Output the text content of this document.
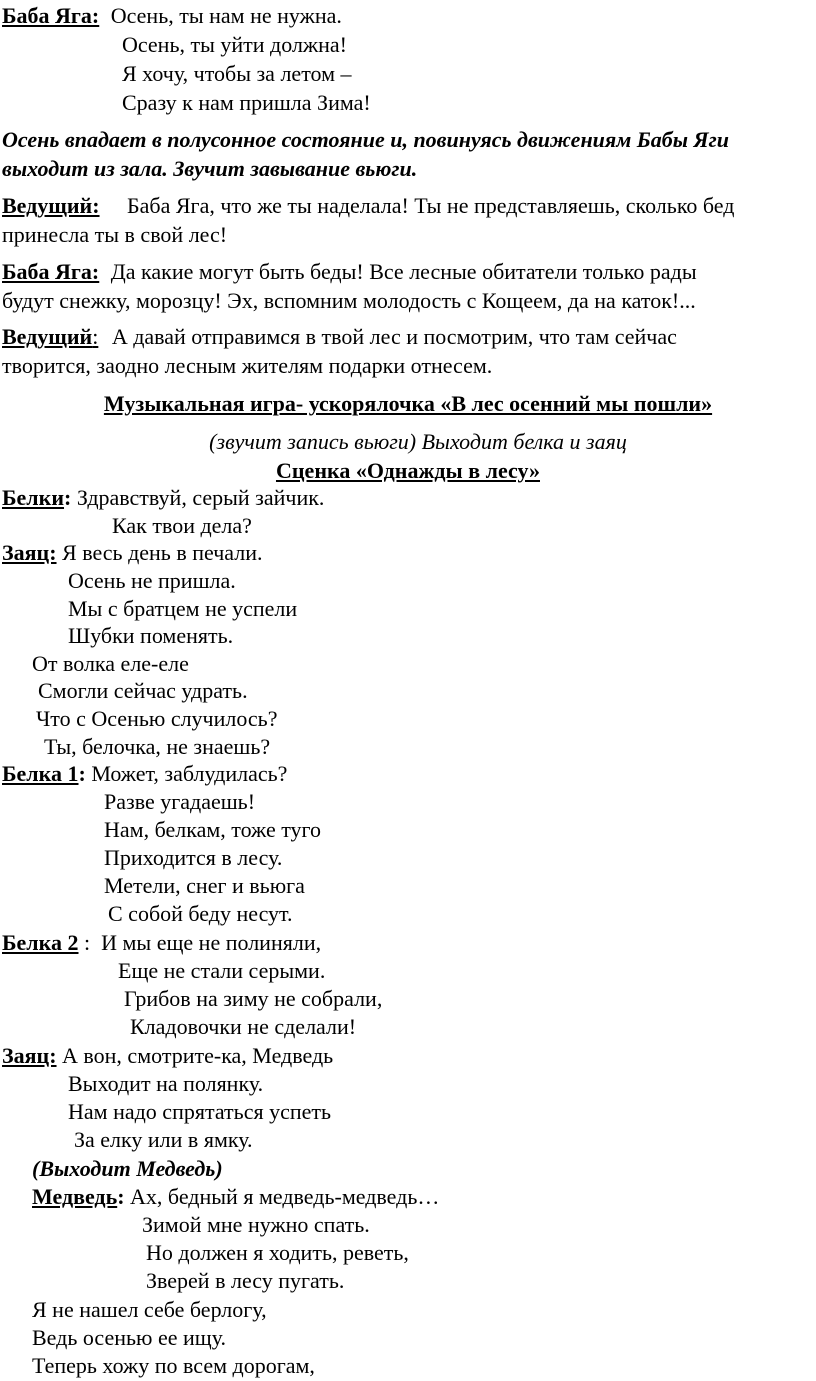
Баба Яга: Осень, ты нам не нужна.
Осень, ты уйти должна!
Я хочу, чтобы за летом –
Сразу к нам пришла Зима!
Осень впадает в полусонное состояние и, повинуясь движениям Бабы Яги
выходит из зала. Звучит завывание вьюги.
Ведущий: Баба Яга, что же ты наделала! Ты не представляешь, сколько бед
принесла ты в свой лес!
Баба Яга: Да какие могут быть беды! Все лесные обитатели только рады
будут снежку, морозцу! Эх, вспомним молодость с Кощеем, да на каток!...
Ведущий: А давай отправимся в твой лес и посмотрим, что там сейчас
творится, заодно лесным жителям подарки отнесем.
Музыкальная игра- ускорялочка «В лес осенний мы пошли»
(звучит запись вьюги) Выходит белка и заяц
Сценка «Однажды в лесу»
Белки: Здравствуй, серый зайчик.
Как твои дела?
Заяц: Я весь день в печали.
Осень не пришла.
Мы с братцем не успели
Шубки поменять.
От волка еле-еле
Смогли сейчас удрать.
Что с Осенью случилось?
Ты, белочка, не знаешь?
Белка 1: Может, заблудилась?
Разве угадаешь!
Нам, белкам, тоже туго
Приходится в лесу.
Метели, снег и вьюга
С собой беду несут.
Белка 2 :  И мы еще не полиняли,
Еще не стали серыми.
Грибов на зиму не собрали,
Кладовочки не сделали!
Заяц: А вон, смотрите-ка, Медведь
Выходит на полянку.
Нам надо спрятаться успеть
За елку или в ямку.
(Выходит Медведь)
Медведь: Ах, бедный я медведь-медведь…
Зимой мне нужно спать.
Но должен я ходить, реветь,
Зверей в лесу пугать.
Я не нашел себе берлогу,
Ведь осенью ее ищу.
Теперь хожу по всем дорогам,
